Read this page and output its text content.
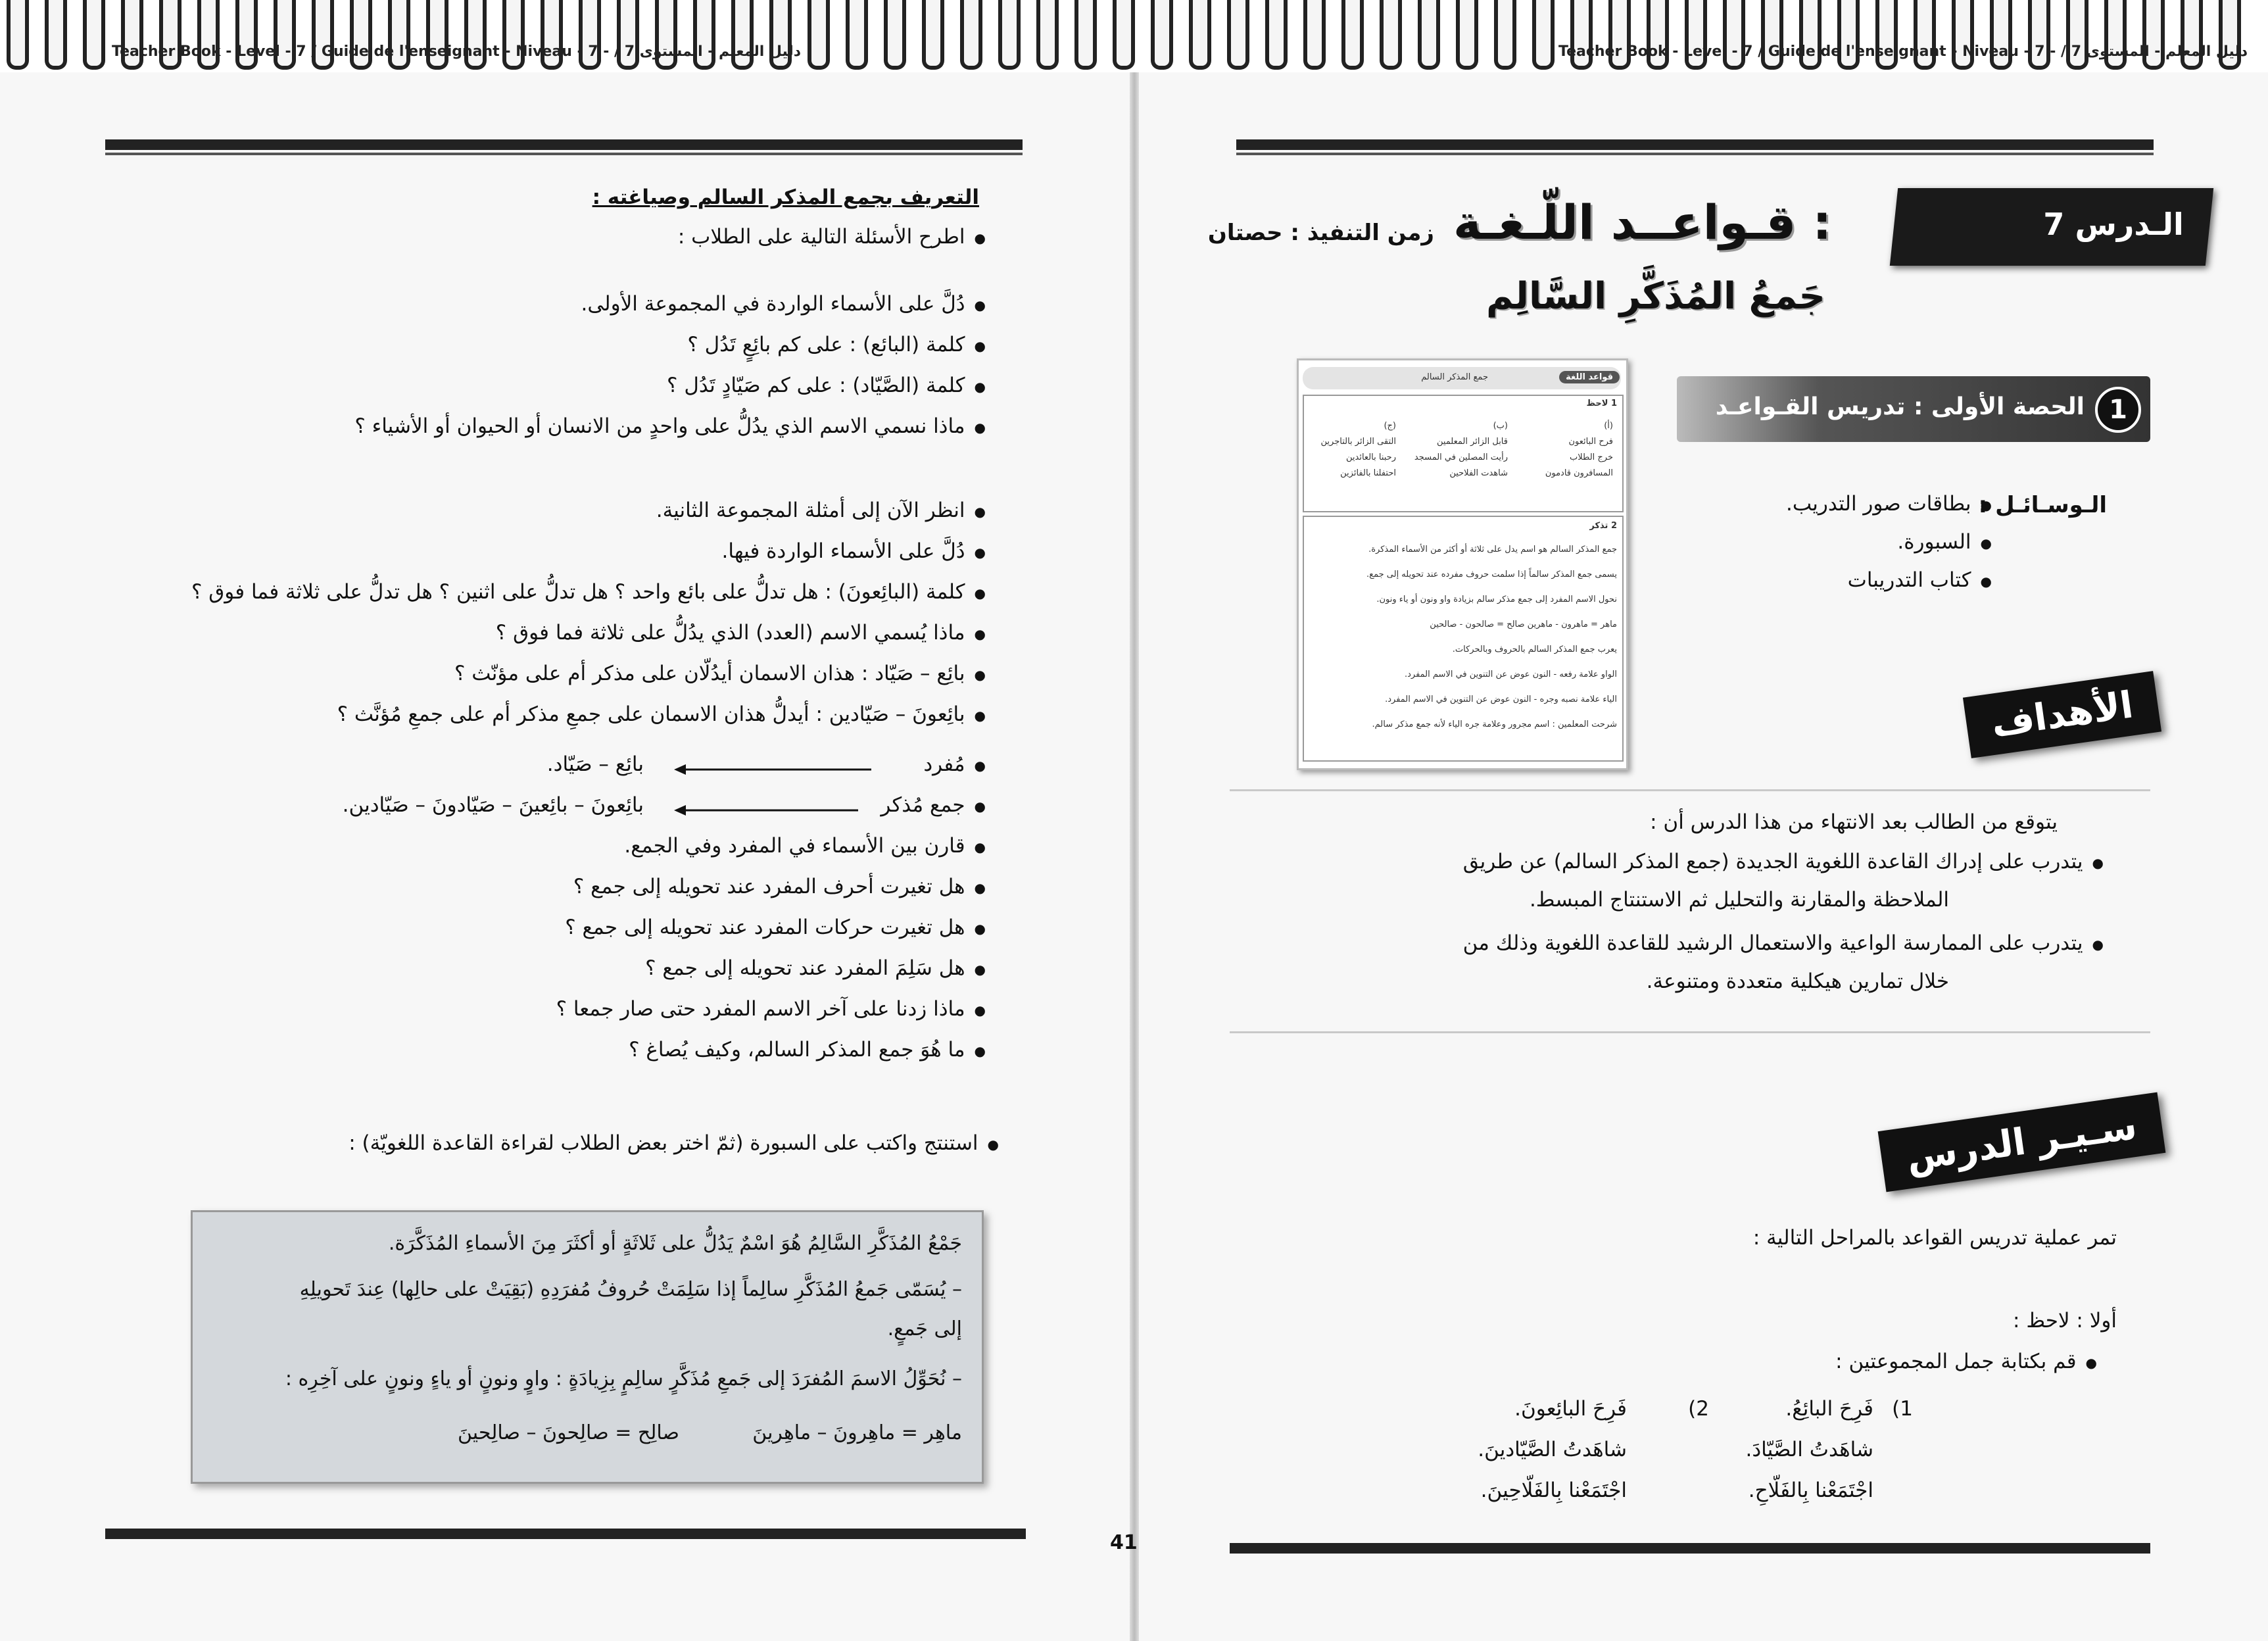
Teacher Book - Level - 7 / Guide de l'enseignant - Niveau - 7 - / دليل المعلم - المستوى 7	Teacher Book - Level - 7 / Guide de l'enseignant - Niveau - 7 - / دليل المعلم - المستوى 7
41
الـدرس 7
قـواعــد اللّـغـة :
زمن التنفيذ : حصتان
جَمعُ المُذَكَّرِ السَّالِم
قواعد اللغة
جمع المذكر السالم
1 لاحظ
(أ)
فرح البائعون
خرج الطلاب
المسافرون قادمون
(ب)
قابل الزائر المعلمين
رأيت المصلين في المسجد
شاهدت الفلاحين
(ج)
التقى الزائر بالتاجرين
رحبنا بالعائدين
احتفلنا بالفائزين
2 تذكر
جمع المذكر السالم هو اسم يدل على ثلاثة أو أكثر من الأسماء المذكرة.
يسمى جمع المذكر سالماً إذا سلمت حروف مفرده عند تحويله إلى جمع.
نحول الاسم المفرد إلى جمع مذكر سالم بزيادة واو ونون أو ياء ونون.
ماهر = ماهرون - ماهرين صالح = صالحون - صالحين
يعرب جمع المذكر السالم بالحروف وبالحركات.
الواو علامة رفعه - النون عوض عن التنوين في الاسم المفرد.
الياء علامة نصبه وجره - النون عوض عن التنوين في الاسم المفرد.
شرحت المعلمين : اسم مجرور وعلامة جره الياء لأنه جمع مذكر سالم.
1
الحصة الأولى : تدريس القـواعـد
الـوسـائـل :
● بطاقات صور التدريب.
● السبورة.
● كتاب التدريبات
الأهداف
يتوقع من الطالب بعد الانتهاء من هذا الدرس أن :
● يتدرب على إدراك القاعدة اللغوية الجديدة (جمع المذكر السالم) عن طريق
الملاحظة والمقارنة والتحليل ثم الاستنتاج المبسط.
● يتدرب على الممارسة الواعية والاستعمال الرشيد للقاعدة اللغوية وذلك من
خلال تمارين هيكلية متعددة ومتنوعة.
سـيـر الدرس
تمر عملية تدريس القواعد بالمراحل التالية :
أولا : لاحظ :
● قم بكتابة جمل المجموعتين :
1)
2)	فَرِحَ البائِعُ.
شاهَدتُ الصَّيّادَ.
اجْتَمَعْنا بِالفَلّاحِ.
فَرِحَ البائِعونَ.
شاهَدتُ الصَّيّادينَ.
اجْتَمَعْنا بِالفَلّاحِينَ.
التعريف بجمع المذكر السالم وصياغته :
● اطرح الأسئلة التالية على الطلاب :
● دُلَّ على الأسماء الواردة في المجموعة الأولى.
● كلمة (البائع) : على كم بائِعٍ تَدُل ؟
● كلمة (الصَّيّاد) : على كم صَيّادٍ تَدُل ؟
● ماذا نسمي الاسم الذي يدُلُّ على واحدٍ من الانسان أو الحيوان أو الأشياء ؟
● انظر الآن إلى أمثلة المجموعة الثانية.
● دُلَّ على الأسماء الواردة فيها.
● كلمة (البائِعونَ) : هل تدلُّ على بائع واحد ؟ هل تدلُّ على اثنين ؟ هل تدلُّ على ثلاثة فما فوق ؟
● ماذا يُسمي الاسم (العدد) الذي يدُلُّ على ثلاثة فما فوق ؟
● بائِع – صَيّاد : هذان الاسمان أيدُلّان على مذكر أم على مؤنّث ؟
● بائِعونَ – صَيّادين : أيدلُّ هذان الاسمان على جمعِ مذكر أم على جمعِ مُؤنَّث ؟
● مُفرد
بائِع – صَيّاد.
● جمع مُذكر
بائِعونَ – بائِعينَ – صَيّادونَ – صَيّادين.
● قارن بين الأسماء في المفرد وفي الجمع.
● هل تغيرت أحرف المفرد عند تحويله إلى جمع ؟
● هل تغيرت حركات المفرد عند تحويله إلى جمع ؟
● هل سَلِمَ المفرد عند تحويله إلى جمع ؟
● ماذا زدنا على آخر الاسم المفرد حتى صار جمعا ؟
● ما هُوَ جمع المذكر السالم، وكيف يُصاغ ؟
● استنتج واكتب على السبورة (ثمّ اختر بعض الطلاب لقراءة القاعدة اللغويّة) :
جَمْعُ المُذَكَّرِ السَّالِمُ هُوَ اسْمٌ يَدُلُّ على ثَلاثَةٍ أو أكثَرَ مِنَ الأسماءِ المُذَكَّرَة.
– يُسَمّى جَمعُ المُذَكَّرِ سالِماً إذا سَلِمَتْ حُروفُ مُفرَدِهِ (بَقِيَتْ على حالِها) عِندَ تَحويلِهِ
إلى جَمعٍ.
– نُحَوِّلُ الاسمَ المُفرَدَ إلى جَمعِ مُذَكَّرٍ سالِمٍ بِزِيادَةٍ : واوٍ ونونٍ أو ياءٍ ونونٍ على آخِرِه :
ماهِر = ماهِرونَ – ماهِرينَ
صالِح = صالِحونَ – صالِحينَ
